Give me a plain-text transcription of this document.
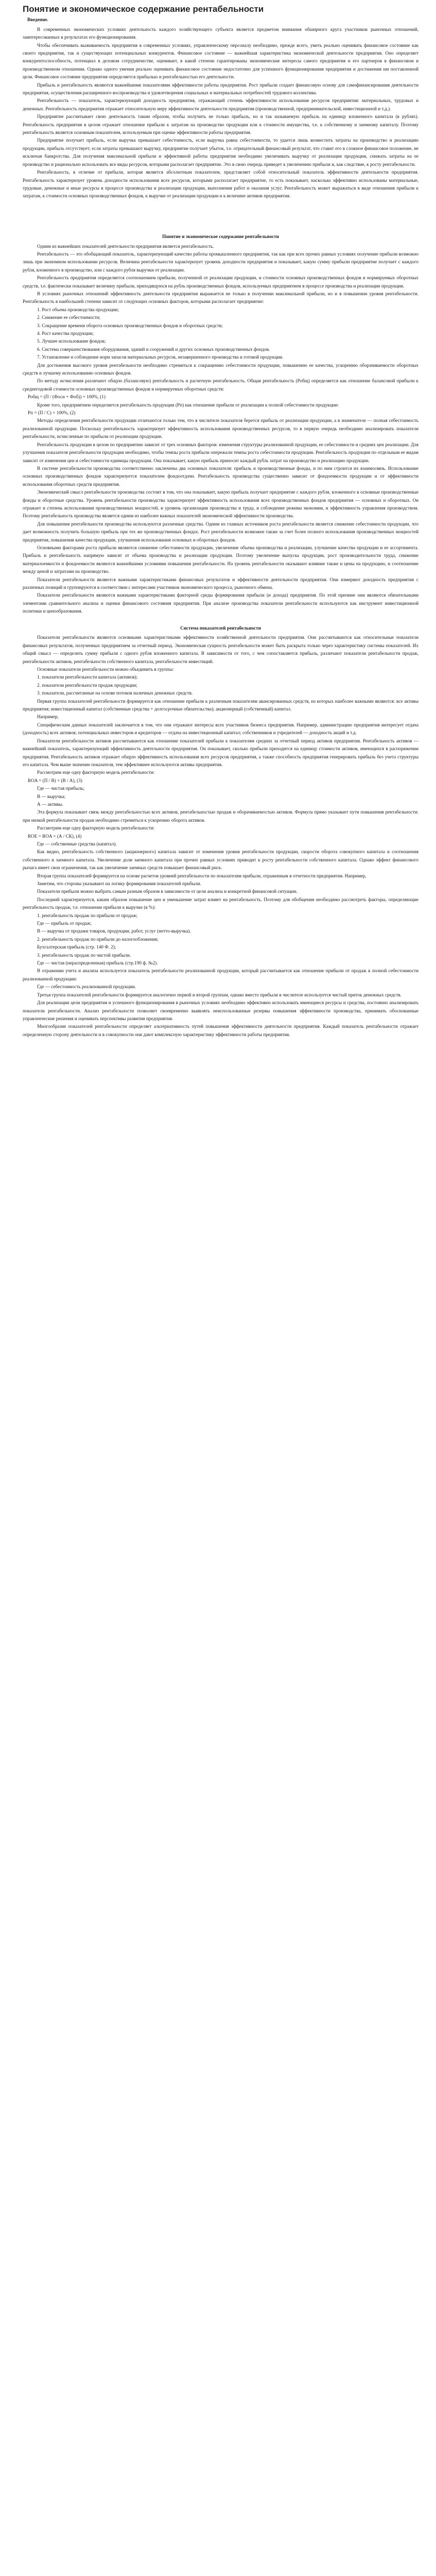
Понятие и экономическое содержание рентабельности
Введение.

В современных экономических условиях деятельность каждого хозяйствующего субъекта является предметом внимания обширного круга участников рыночных отношений, заинтересованных в результатах его функционирования.

Чтобы обеспечивать выживаемость предприятия в современных условиях, управленческому персоналу необходимо, прежде всего, уметь реально оценивать финансовое состояние как своего предприятия, так и существующих потенциальных конкурентов. Финансовое состояние — важнейшая характеристика экономической деятельности предприятия. Оно определяет конкурентоспособность, потенциал в деловом сотрудничестве, оценивает, в какой степени гарантированы экономические интересы самого предприятия и его партнеров в финансовом и производственном отношении. Однако одного умения реально оценивать финансовое состояние недостаточно для успешного функционирования предприятия и достижения им поставленной цели. Финансовое состояние предприятия определяется прибылью и рентабельностью его деятельности.

Прибыль и рентабельность являются важнейшими показателями эффективности работы предприятия. Рост прибыли создает финансовую основу для самофинансирования деятельности предприятия, осуществления расширенного воспроизводства и удовлетворения социальных и материальных потребностей трудового коллектива.

Рентабельность — показатель, характеризующий доходность предприятия, отражающий степень эффективности использования ресурсов предприятия: материальных, трудовых и денежных. Рентабельность предприятия отражает относительную меру эффективности деятельности предприятия (производственной, предпринимательской, инвестиционной и т.д.).

Предприятие рассчитывает свою деятельность таким образом, чтобы получить не только прибыль, но и так называемую прибыль на единицу вложенного капитала (в рублях). Рентабельность предприятия в целом отражает отношение прибыли к затратам на производство продукции или к стоимости имущества, т.е. к собственному и заемному капиталу. Поэтому рентабельность является основным показателем, используемым при оценке эффективности работы предприятия.

Предприятие получает прибыль, если выручка превышает себестоимость, если выручка равна себестоимости, то удается лишь возместить затраты на производство и реализацию продукции, прибыль отсутствует; если затраты превышают выручку, предприятие получает убыток, т.е. отрицательный финансовый результат, что ставит его в сложное финансовое положение, не исключая банкротства. Для получения максимальной прибыли и эффективной работы предприятия необходимо увеличивать выручку от реализации продукции, снижать затраты на ее производство и рационально использовать все виды ресурсов, которыми располагает предприятие. Это в свою очередь приведет к увеличению прибыли и, как следствие, к росту рентабельности.

Рентабельность, в отличие от прибыли, которая является абсолютным показателем, представляет собой относительный показатель эффективности деятельности предприятия. Рентабельность характеризует уровень доходности использования всех ресурсов, которыми располагает предприятие, то есть показывает, насколько эффективно использованы материальные, трудовые, денежные и иные ресурсы в процессе производства и реализации продукции, выполнения работ и оказания услуг. Рентабельность может выражаться в виде отношения прибыли к затратам, к стоимости основных производственных фондов, к выручке от реализации продукции и к величине активов предприятия.

Понятие и экономическое содержание рентабельности

Одним из важнейших показателей деятельности предприятия является рентабельность.

Рентабельность — это обобщающий показатель, характеризующий качество работы промышленного предприятия, так как при всех прочих равных условиях получение прибыли возможно лишь при экономном использовании ресурсов. Величина рентабельности характеризует уровень доходности предприятия и показывает, какую сумму прибыли предприятие получает с каждого рубля, вложенного в производство, или с каждого рубля выручки от реализации.

Рентабельность предприятия определяется соотношением прибыли, полученной от реализации продукции, и стоимости основных производственных фондов и нормируемых оборотных средств, т.е. фактически показывает величину прибыли, приходящуюся на рубль производственных фондов, используемых предприятием в процессе производства и реализации продукции.

В условиях рыночных отношений эффективность деятельности предприятия выражается не только в получении максимальной прибыли, но и в повышении уровня рентабельности. Рентабельность в наибольшей степени зависит от следующих основных факторов, которыми располагает предприятие:

1. Рост объема производства продукции;

2. Снижение ее себестоимости;

3. Сокращение времени оборота основных производственных фондов и оборотных средств;

4. Рост качества продукции;

5. Лучшее использование фондов;

6. Система совершенствования оборудования, зданий и сооружений и других основных производственных фондов.

7. Установление и соблюдение норм запасов материальных ресурсов, незавершенного производства и готовой продукции.

Для достижения высокого уровня рентабельности необходимо стремиться к сокращению себестоимости продукции, повышению ее качества, ускорению оборачиваемости оборотных средств и лучшему использованию основных фондов.

По методу исчисления различают общую (балансовую) рентабельность и расчетную рентабельность. Общая рентабельность (Робщ) определяется как отношение балансовой прибыли к среднегодовой стоимости основных производственных фондов и нормируемых оборотных средств:

Робщ = (П / (Фосн + Фоб)) × 100%, (1)

Кроме того, предприятием определяется рентабельность продукции (Рп) как отношение прибыли от реализации к полной себестоимости продукции:

Рп = (П / С) × 100%, (2)

Методы определения рентабельности продукции отличаются только тем, что в числителе показателя берется прибыль от реализации продукции, а в знаменателе — полная себестоимость реализованной продукции. Поскольку рентабельность характеризует эффективность использования производственных ресурсов, то в первую очередь необходимо анализировать показатели рентабельности, исчисленные по прибыли от реализации продукции.

Рентабельность продукции в целом по предприятию зависит от трех основных факторов: изменения структуры реализованной продукции, ее себестоимости и средних цен реализации. Для улучшения показателя рентабельности продукции необходимо, чтобы темпы роста прибыли опережали темпы роста себестоимости продукции. Рентабельность продукции по отдельным ее видам зависит от изменения цен и себестоимости единицы продукции. Она показывает, какую прибыль приносит каждый рубль затрат на производство и реализацию продукции.

В системе рентабельности производства соответственно заключены два основных показателя: прибыль и производственные фонды, и по ним строится их взаимосвязь. Использование основных производственных фондов характеризуется показателем фондоотдачи. Рентабельность производства существенно зависит от фондоемкости продукции и от эффективности использования оборотных средств предприятия.

Экономический смысл рентабельности производства состоит в том, что она показывает, какую прибыль получает предприятие с каждого рубля, вложенного в основные производственные фонды и оборотные средства. Уровень рентабельности производства характеризует эффективность использования всех производственных фондов предприятия — основных и оборотных. Он отражает и степень использования производственных мощностей, и уровень организации производства и труда, и соблюдение режима экономии, и эффективность управления производством. Поэтому рентабельность производства является одним из наиболее важных показателей экономической эффективности производства.

Для повышения рентабельности производства используются различные средства. Одним из главных источников роста рентабельности является снижение себестоимости продукции, что дает возможность получить большую прибыль при тех же производственных фондах. Рост рентабельности возможен также за счет более полного использования производственных мощностей предприятия, повышения качества продукции, улучшения использования основных и оборотных фондов.

Основными факторами роста прибыли являются снижение себестоимости продукции, увеличение объема производства и реализации, улучшение качества продукции и ее ассортимента. Прибыль и рентабельность напрямую зависят от объема производства и реализации продукции. Поэтому увеличение выпуска продукции, рост производительности труда, снижение материалоемкости и фондоемкости являются важнейшими условиями повышения рентабельности. На уровень рентабельности оказывают влияние также и цены на продукцию, и соотношение между ценой и затратами на производство.

Показатели рентабельности являются важными характеристиками финансовых результатов и эффективности деятельности предприятия. Они измеряют доходность предприятия с различных позиций и группируются в соответствии с интересами участников экономического процесса, рыночного обмена.

Показатели рентабельности являются важными характеристиками факторной среды формирования прибыли (и дохода) предприятия. По этой причине они являются обязательными элементами сравнительного анализа и оценки финансового состояния предприятия. При анализе производства показатели рентабельности используются как инструмент инвестиционной политики и ценообразования.

Система показателей рентабельности

Показатели рентабельности являются основными характеристиками эффективности хозяйственной деятельности предприятия. Они рассчитываются как относительные показатели финансовых результатов, полученных предприятием за отчетный период. Экономическая сущность рентабельности может быть раскрыта только через характеристику системы показателей. Их общий смысл — определить сумму прибыли с одного рубля вложенного капитала. В зависимости от того, с чем сопоставляется прибыль, различают показатели рентабельности продаж, рентабельности активов, рентабельности собственного капитала, рентабельности инвестиций.

Основные показатели рентабельности можно объединить в группы:

1. показатели рентабельности капитала (активов);

2. показатели рентабельности продаж продукции;

3. показатели, рассчитанные на основе потоков наличных денежных средств.

Первая группа показателей рентабельности формируется как отношение прибыли к различным показателям авансированных средств, из которых наиболее важными являются: все активы предприятия; инвестиционный капитал (собственные средства + долгосрочные обязательства); акционерный (собственный) капитал.

Например,

Специфическим данных показателей заключается в том, что они отражают интересы всех участников бизнеса предприятия. Например, администрацию предприятия интересует отдача (доходность) всех активов; потенциальных инвесторов и кредиторов — отдача на инвестиционный капитал; собственников и учредителей — доходность акций и т.д.

Показатели рентабельности активов рассчитываются как отношение показателей прибыли к показателям средних за отчетный период активов предприятия. Рентабельность активов — важнейший показатель, характеризующий эффективность деятельности предприятия. Он показывает, сколько прибыли приходится на единицу стоимости активов, имеющихся в распоряжении предприятия. Рентабельность активов отражает общую эффективность использования всех ресурсов предприятия, а также способность предприятия генерировать прибыль без учета структуры его капитала. Чем выше значение показателя, тем эффективнее используются активы предприятия.

Рассмотрим еще одну факторную модель рентабельности:

ROA = (П / В) × (В / А), (3)

Где — чистая прибыль;

В — выручка;

А — активы.

Эта формула показывает связь между рентабельностью всех активов, рентабельностью продаж и оборачиваемостью активов. Формула прямо указывает пути повышения рентабельности: при низкой рентабельности продаж необходимо стремиться к ускорению оборота активов.

Рассмотрим еще одну факторную модель рентабельности:

ROE = ROA × (А / СК), (4)

Где — собственные средства (капитал).

Как видно, рентабельность собственного (акционерного) капитала зависит от изменения уровня рентабельности продукции, скорости оборота совокупного капитала и соотношения собственного и заемного капитала. Увеличение доли заемного капитала при прочих равных условиях приводит к росту рентабельности собственного капитала. Однако эффект финансового рычага имеет свои ограничения, так как увеличение заемных средств повышает финансовый риск.

Вторая группа показателей формируется на основе расчетов уровней рентабельности по показателям прибыли, отраженным в отчетности предприятия. Например,

Заметим, что стороны указывают на логику формирования показателей прибыли.

Показатели прибыли можно выбрать самым разным образом в зависимости от цели анализа и конкретной финансовой ситуации.

Последний характеризуется, каким образом повышение цен и уменьшение затрат влияет на рентабельность. Поэтому для обобщения необходимо рассмотреть факторы, определяющие рентабельность продаж, т.е. отношение прибыли к выручке (в %):

1. рентабельность продаж по прибыли от продаж;

Где — прибыль от продаж;

В — выручка от продажи товаров, продукции, работ, услуг (нетто-выручка).

2. рентабельность продаж по прибыли до налогообложения;

Бухгалтерская прибыль (стр. 140 Ф. 2);

3. рентабельность продаж по чистой прибыли.

Где — чистая (нераспределенная) прибыль (стр.190 ф. №2).

В отражении учета и анализа используется показатель рентабельности реализованной продукции, который рассчитывается как отношение прибыли от продаж к полной себестоимости реализованной продукции:

Где — себестоимость реализованной продукции.

Третья группа показателей рентабельности формируется аналогично первой и второй группам, однако вместо прибыли в числителе используется чистый приток денежных средств.

Для реализации цели предприятия и успешного функционирования в рыночных условиях необходимо эффективно использовать имеющиеся ресурсы и средства, постоянно анализировать показатели рентабельности. Анализ рентабельности позволяет своевременно выявлять неиспользованные резервы повышения эффективности производства, принимать обоснованные управленческие решения и оценивать перспективы развития предприятия.

Многообразие показателей рентабельности определяет альтернативность путей повышения эффективности деятельности предприятия. Каждый показатель рентабельности отражает определенную сторону деятельности и в совокупности они дают комплексную характеристику эффективности работы предприятия.
